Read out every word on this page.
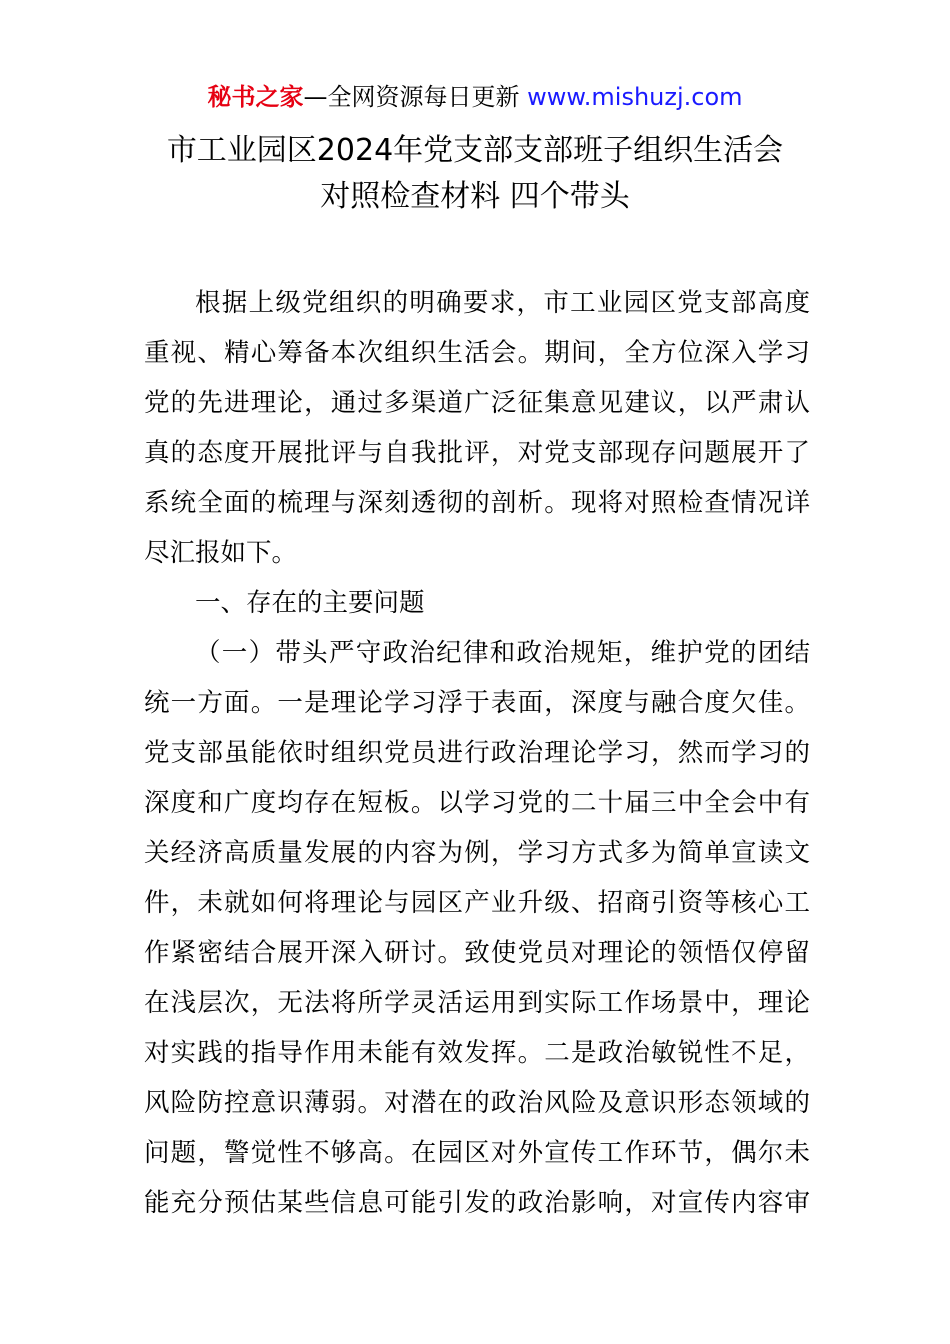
秘书之家—全网资源每日更新 www.mishuzj.com
市工业园区2024年党支部支部班子组织生活会
对照检查材料 四个带头
根据上级党组织的明确要求，市工业园区党支部高度
重视、精心筹备本次组织生活会。期间，全方位深入学习
党的先进理论，通过多渠道广泛征集意见建议，以严肃认
真的态度开展批评与自我批评，对党支部现存问题展开了
系统全面的梳理与深刻透彻的剖析。现将对照检查情况详
尽汇报如下。
一、存在的主要问题
（一）带头严守政治纪律和政治规矩，维护党的团结
统一方面。一是理论学习浮于表面，深度与融合度欠佳。
党支部虽能依时组织党员进行政治理论学习，然而学习的
深度和广度均存在短板。以学习党的二十届三中全会中有
关经济高质量发展的内容为例，学习方式多为简单宣读文
件，未就如何将理论与园区产业升级、招商引资等核心工
作紧密结合展开深入研讨。致使党员对理论的领悟仅停留
在浅层次，无法将所学灵活运用到实际工作场景中，理论
对实践的指导作用未能有效发挥。二是政治敏锐性不足，
风险防控意识薄弱。对潜在的政治风险及意识形态领域的
问题，警觉性不够高。在园区对外宣传工作环节，偶尔未
能充分预估某些信息可能引发的政治影响，对宣传内容审
